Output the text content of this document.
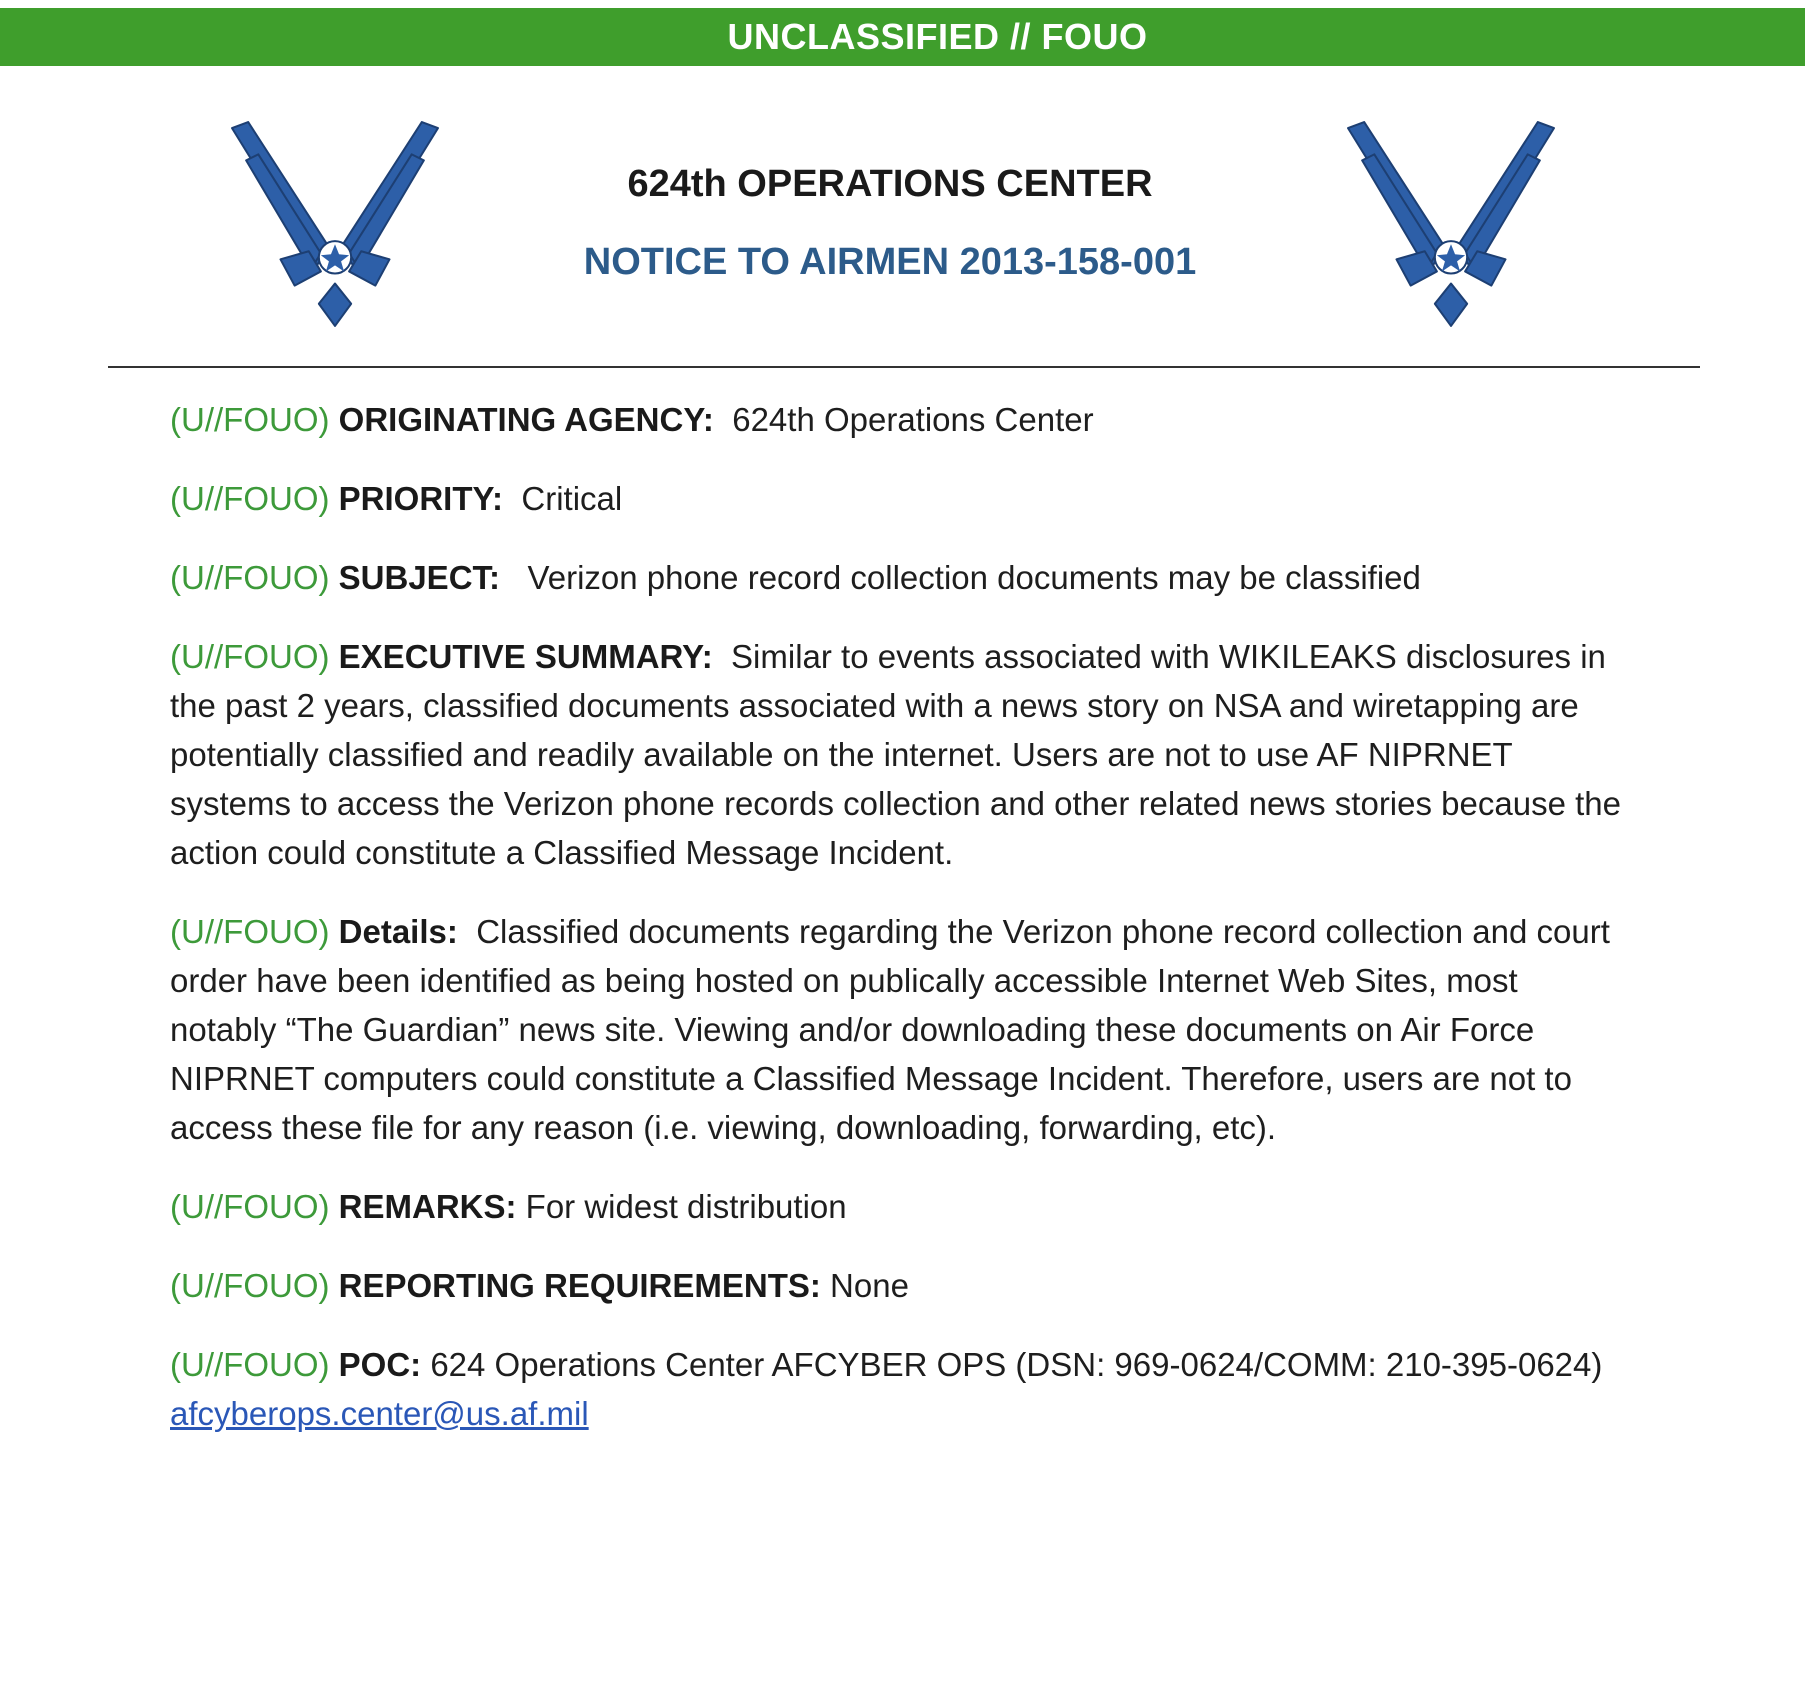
UNCLASSIFIED // FOUO

624th OPERATIONS CENTER

NOTICE TO AIRMEN 2013-158-001

(U//FOUO) ORIGINATING AGENCY: 624th Operations Center

(U//FOUO) PRIORITY: Critical

(U//FOUO) SUBJECT: Verizon phone record collection documents may be classified

(U//FOUO) EXECUTIVE SUMMARY: Similar to events associated with WIKILEAKS disclosures in the past 2 years, classified documents associated with a news story on NSA and wiretapping are potentially classified and readily available on the internet. Users are not to use AF NIPRNET systems to access the Verizon phone records collection and other related news stories because the action could constitute a Classified Message Incident.

(U//FOUO) Details: Classified documents regarding the Verizon phone record collection and court order have been identified as being hosted on publically accessible Internet Web Sites, most notably “The Guardian” news site. Viewing and/or downloading these documents on Air Force NIPRNET computers could constitute a Classified Message Incident. Therefore, users are not to access these file for any reason (i.e. viewing, downloading, forwarding, etc).

(U//FOUO) REMARKS: For widest distribution

(U//FOUO) REPORTING REQUIREMENTS: None

(U//FOUO) POC: 624 Operations Center AFCYBER OPS (DSN: 969-0624/COMM: 210-395-0624) afcyberops.center@us.af.mil
